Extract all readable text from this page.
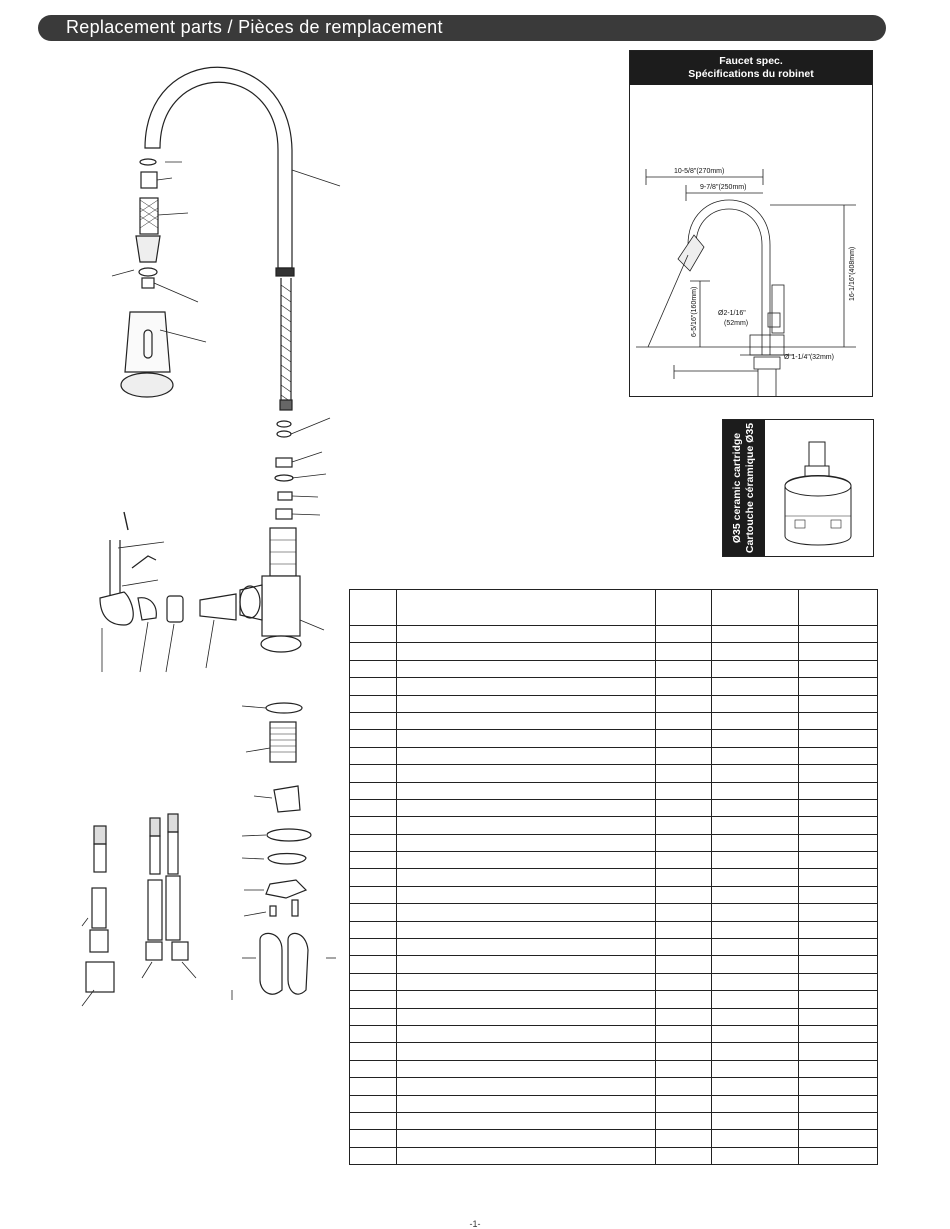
Replacement parts / Pièces de remplacement
Faucet spec.
Spécifications du robinet
10-5/8"(270mm)
9-7/8"(250mm)
16-1/16"(408mm)
6-5/16"(160mm)	Ø2-1/16"
(52mm)
Ø 1-1/4"(32mm)
Ø35 ceramic cartridge Cartouche céramique Ø35

-1-
